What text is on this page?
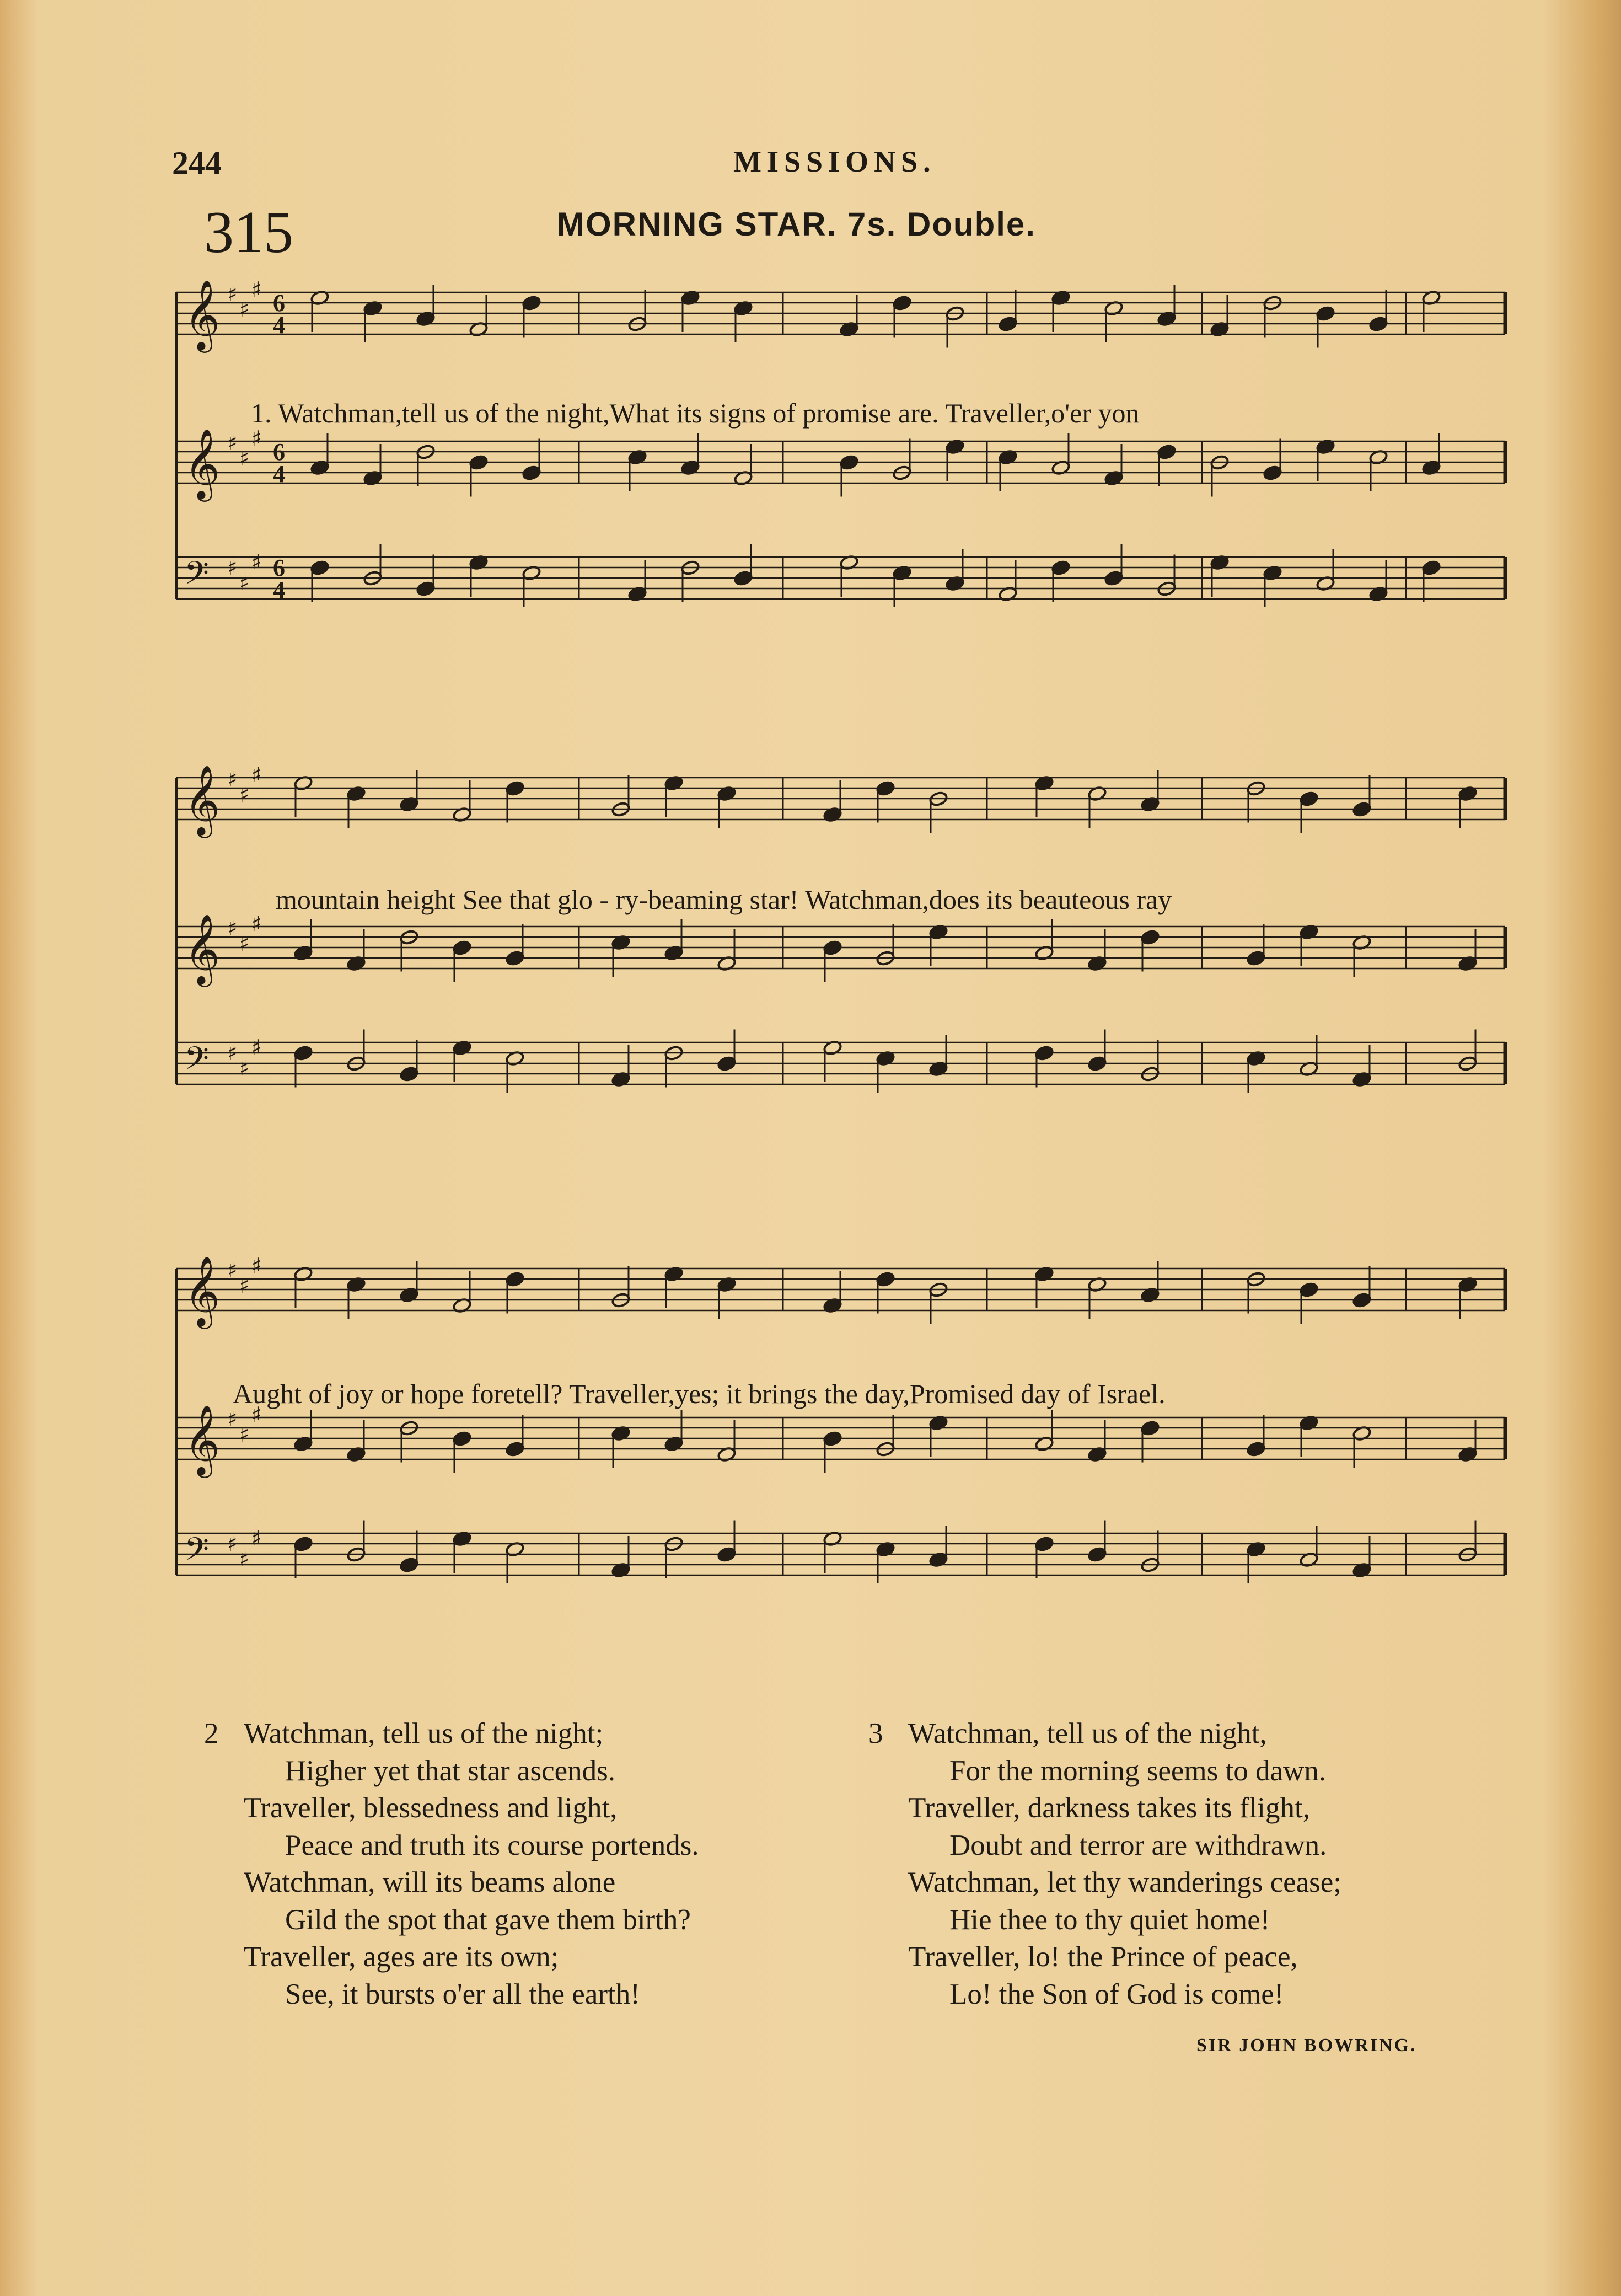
244	MISSIONS.
315	MORNING STAR. 7s. Double.
𝄞 ♯
♯
♯ 6
4
𝄞 ♯
♯
♯ 6
4
𝄢 ♯
♯
♯ 6
4
1. Watchman,tell us of the night,What its signs of promise are. Traveller,o'er yon
𝄞 ♯
♯
♯
𝄞 ♯
♯
♯
𝄢 ♯
♯
♯
mountain height See that glo - ry-beaming star! Watchman,does its beauteous ray
𝄞 ♯
♯
♯
𝄞 ♯
♯
♯
𝄢 ♯
♯
♯
Aught of joy or hope foretell? Traveller,yes; it brings the day,Promised day of Israel.
2 Watchman, tell us of the night;
Higher yet that star ascends.
Traveller, blessedness and light,
Peace and truth its course portends.
Watchman, will its beams alone
Gild the spot that gave them birth?
Traveller, ages are its own;
See, it bursts o'er all the earth!
3 Watchman, tell us of the night,
For the morning seems to dawn.
Traveller, darkness takes its flight,
Doubt and terror are withdrawn.
Watchman, let thy wanderings cease;
Hie thee to thy quiet home!
Traveller, lo! the Prince of peace,
Lo! the Son of God is come!
SIR JOHN BOWRING.
